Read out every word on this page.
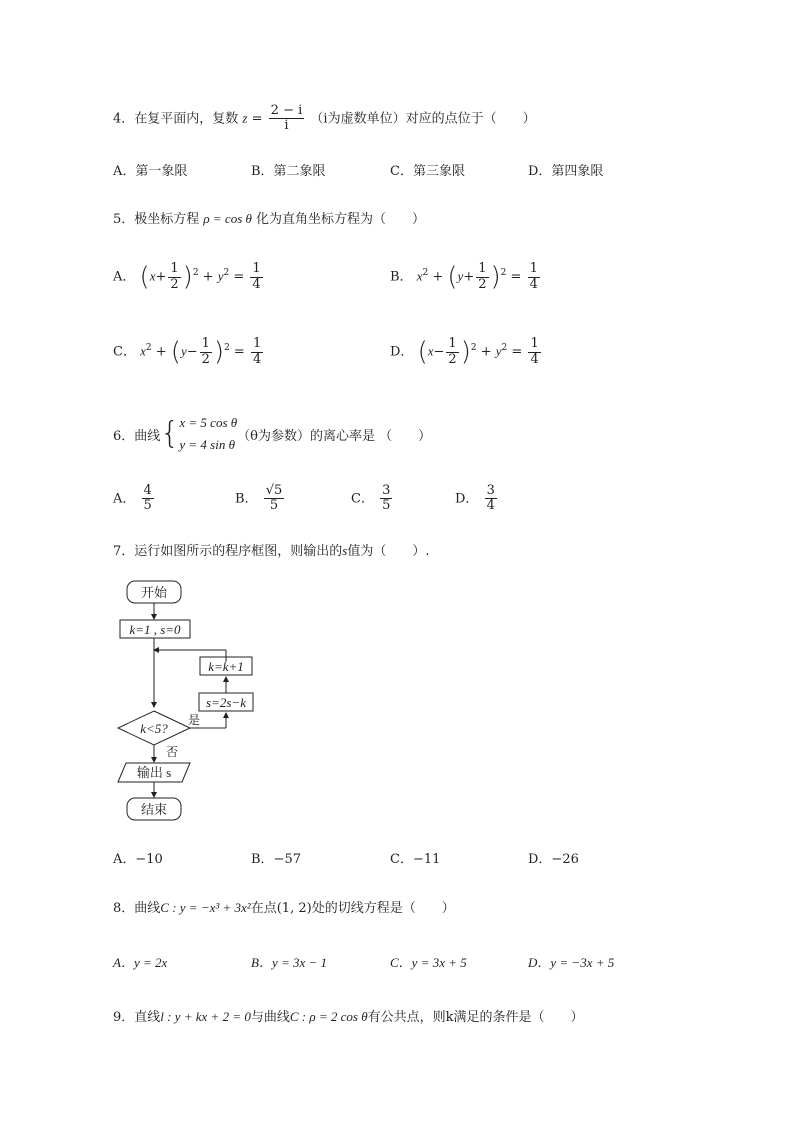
4．在复平面内，复数 $z = \frac{2 - i}{i} (i$为虚数单位）对应的点位于（　　）
A．第一象限	B．第二象限	C．第三象限	D．第四象限
5．极坐标方程 ρ = cos θ 化为直角坐标方程为（　　）
A． $(x+ \frac{1}{2} )^2 + y^2 = \frac{1}{4}$	B． $x^2 + (y+ \frac{1}{2} )^2 = \frac{1}{4}$
C． $x^2 + (y- \frac{1}{2} )^2 = \frac{1}{4}$	D． $(x- \frac{1}{2} )^2 + y^2 = \frac{1}{4}$
6．曲线 { x = 5 cos θ
y = 4 sin θ
（θ为参数）的离心率是 （　　）
A． $\frac{4}{5}$	B． $\frac{√5}{5}$	C． $\frac{3}{5}$	D． $\frac{3}{4}$
7．运行如图所示的程序框图，则输出的s值为（　　）.
开始
k=1 , s=0
k=k+1
s=2s−k
k<5?
是
否
输出 s
结束
A．−10	B．−57	C．−11	D．−26
8．曲线C : y = −x³ + 3x²在点(1, 2)处的切线方程是（　　）
A．y = 2x	B．y = 3x − 1	C．y = 3x + 5	D．y = −3x + 5
9．直线l : y + kx + 2 = 0与曲线C : ρ = 2 cos θ有公共点，则k满足的条件是（　　）
